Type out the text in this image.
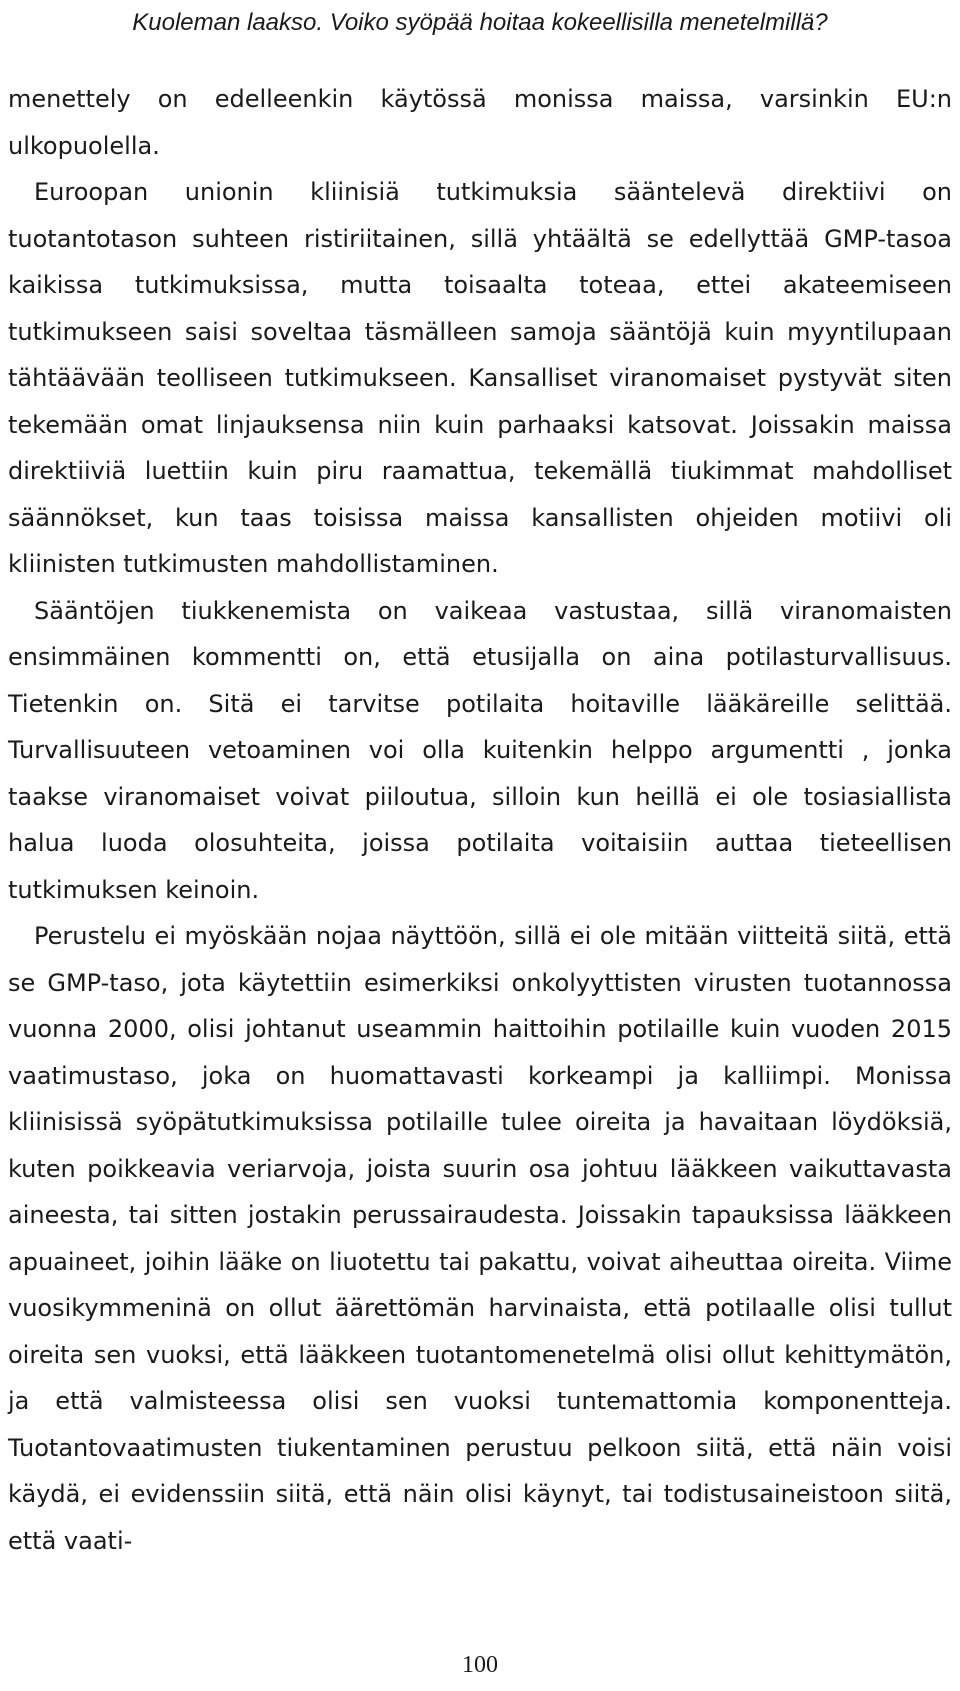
Kuoleman laakso. Voiko syöpää hoitaa kokeellisilla menetelmillä?

menettely on edelleenkin käytössä monissa maissa, varsinkin EU:n ulkopuolella.

Euroopan unionin kliinisiä tutkimuksia sääntelevä direktiivi on tuotantotason suhteen ristiriitainen, sillä yhtäältä se edellyttää GMP-tasoa kaikissa tutkimuksissa, mutta toisaalta toteaa, ettei akateemiseen tutkimukseen saisi soveltaa täsmälleen samoja sääntöjä kuin myyntilupaan tähtäävään teolliseen tutkimukseen. Kansalliset viranomaiset pystyvät siten tekemään omat linjauksensa niin kuin parhaaksi katsovat. Joissakin maissa direktiiviä luettiin kuin piru raamattua, tekemällä tiukimmat mahdolliset säännökset, kun taas toisissa maissa kansallisten ohjeiden motiivi oli kliinisten tutkimusten mahdollistaminen.

Sääntöjen tiukkenemista on vaikeaa vastustaa, sillä viranomaisten ensimmäinen kommentti on, että etusijalla on aina potilasturvallisuus. Tietenkin on. Sitä ei tarvitse potilaita hoitaville lääkäreille selittää. Turvallisuuteen vetoaminen voi olla kuitenkin helppo argumentti , jonka taakse viranomaiset voivat piiloutua, silloin kun heillä ei ole tosiasiallista halua luoda olosuhteita, joissa potilaita voitaisiin auttaa tieteellisen tutkimuksen keinoin.

Perustelu ei myöskään nojaa näyttöön, sillä ei ole mitään viitteitä siitä, että se GMP-taso, jota käytettiin esimerkiksi onkolyyttisten virusten tuotannossa vuonna 2000, olisi johtanut useammin haittoihin potilaille kuin vuoden 2015 vaatimustaso, joka on huomattavasti korkeampi ja kalliimpi. Monissa kliinisissä syöpätutkimuksissa potilaille tulee oireita ja havaitaan löydöksiä, kuten poikkeavia veriarvoja, joista suurin osa johtuu lääkkeen vaikuttavasta aineesta, tai sitten jostakin perussairaudesta. Joissakin tapauksissa lääkkeen apuaineet, joihin lääke on liuotettu tai pakattu, voivat aiheuttaa oireita. Viime vuosikymmeninä on ollut äärettömän harvinaista, että potilaalle olisi tullut oireita sen vuoksi, että lääkkeen tuotantomenetelmä olisi ollut kehittymätön, ja että valmisteessa olisi sen vuoksi tuntemattomia komponentteja. Tuotantovaatimusten tiukentaminen perustuu pelkoon siitä, että näin voisi käydä, ei evidenssiin siitä, että näin olisi käynyt, tai todistusaineistoon siitä, että vaati-

100
